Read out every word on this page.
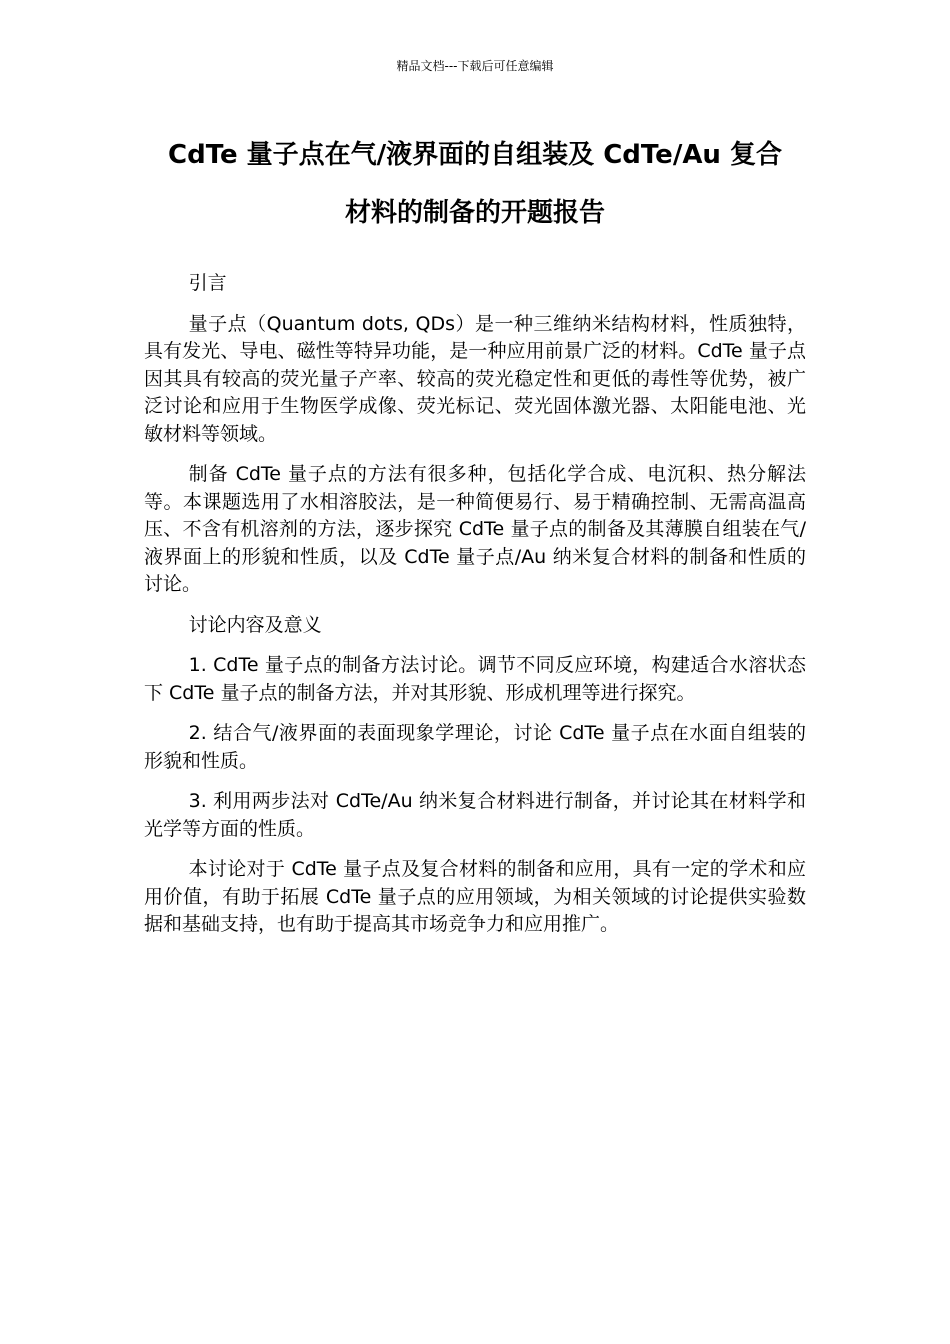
精品文档---下载后可任意编辑
CdTe 量子点在气/液界面的自组装及 CdTe/Au 复合
材料的制备的开题报告

引言

量子点（Quantum dots, QDs）是一种三维纳米结构材料，性质独特，具有发光、导电、磁性等特异功能，是一种应用前景广泛的材料。CdTe 量子点因其具有较高的荧光量子产率、较高的荧光稳定性和更低的毒性等优势，被广泛讨论和应用于生物医学成像、荧光标记、荧光固体激光器、太阳能电池、光敏材料等领域。

制备 CdTe 量子点的方法有很多种，包括化学合成、电沉积、热分解法等。本课题选用了水相溶胶法，是一种简便易行、易于精确控制、无需高温高压、不含有机溶剂的方法，逐步探究 CdTe 量子点的制备及其薄膜自组装在气/液界面上的形貌和性质，以及 CdTe 量子点/Au 纳米复合材料的制备和性质的讨论。

讨论内容及意义

1. CdTe 量子点的制备方法讨论。调节不同反应环境，构建适合水溶状态下 CdTe 量子点的制备方法，并对其形貌、形成机理等进行探究。

2. 结合气/液界面的表面现象学理论，讨论 CdTe 量子点在水面自组装的形貌和性质。

3. 利用两步法对 CdTe/Au 纳米复合材料进行制备，并讨论其在材料学和光学等方面的性质。

本讨论对于 CdTe 量子点及复合材料的制备和应用，具有一定的学术和应用价值，有助于拓展 CdTe 量子点的应用领域，为相关领域的讨论提供实验数据和基础支持，也有助于提高其市场竞争力和应用推广。
